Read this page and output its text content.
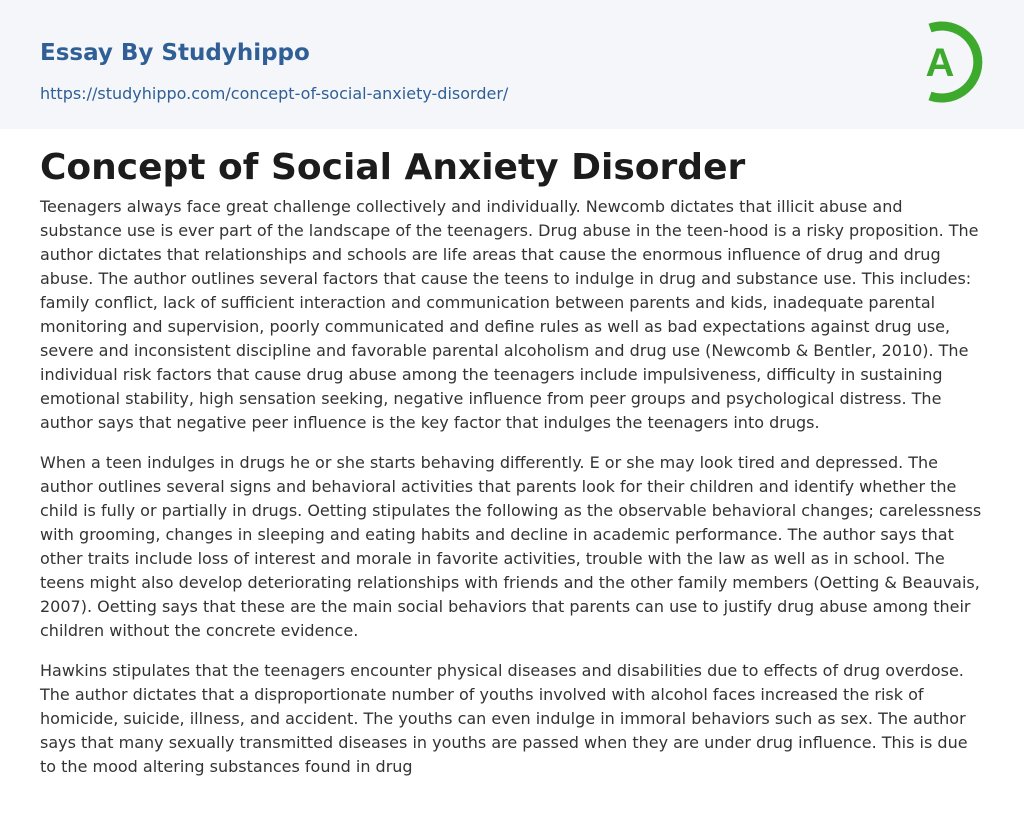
Essay By Studyhippo
https://studyhippo.com/concept-of-social-anxiety-disorder/
A
Concept of Social Anxiety Disorder

Teenagers always face great challenge collectively and individually. Newcomb dictates that illicit abuse and substance use is ever part of the landscape of the teenagers. Drug abuse in the teen-hood is a risky proposition. The author dictates that relationships and schools are life areas that cause the enormous influence of drug and drug abuse. The author outlines several factors that cause the teens to indulge in drug and substance use. This includes: family conflict, lack of sufficient interaction and communication between parents and kids, inadequate parental monitoring and supervision, poorly communicated and define rules as well as bad expectations against drug use, severe and inconsistent discipline and favorable parental alcoholism and drug use (Newcomb & Bentler, 2010). The individual risk factors that cause drug abuse among the teenagers include impulsiveness, difficulty in sustaining emotional stability, high sensation seeking, negative influence from peer groups and psychological distress. The author says that negative peer influence is the key factor that indulges the teenagers into drugs.

When a teen indulges in drugs he or she starts behaving differently. E or she may look tired and depressed. The author outlines several signs and behavioral activities that parents look for their children and identify whether the child is fully or partially in drugs. Oetting stipulates the following as the observable behavioral changes; carelessness with grooming, changes in sleeping and eating habits and decline in academic performance. The author says that other traits include loss of interest and morale in favorite activities, trouble with the law as well as in school. The teens might also develop deteriorating relationships with friends and the other family members (Oetting & Beauvais, 2007). Oetting says that these are the main social behaviors that parents can use to justify drug abuse among their children without the concrete evidence.

Hawkins stipulates that the teenagers encounter physical diseases and disabilities due to effects of drug overdose. The author dictates that a disproportionate number of youths involved with alcohol faces increased the risk of homicide, suicide, illness, and accident. The youths can even indulge in immoral behaviors such as sex. The author says that many sexually transmitted diseases in youths are passed when they are under drug influence. This is due to the mood altering substances found in drug
